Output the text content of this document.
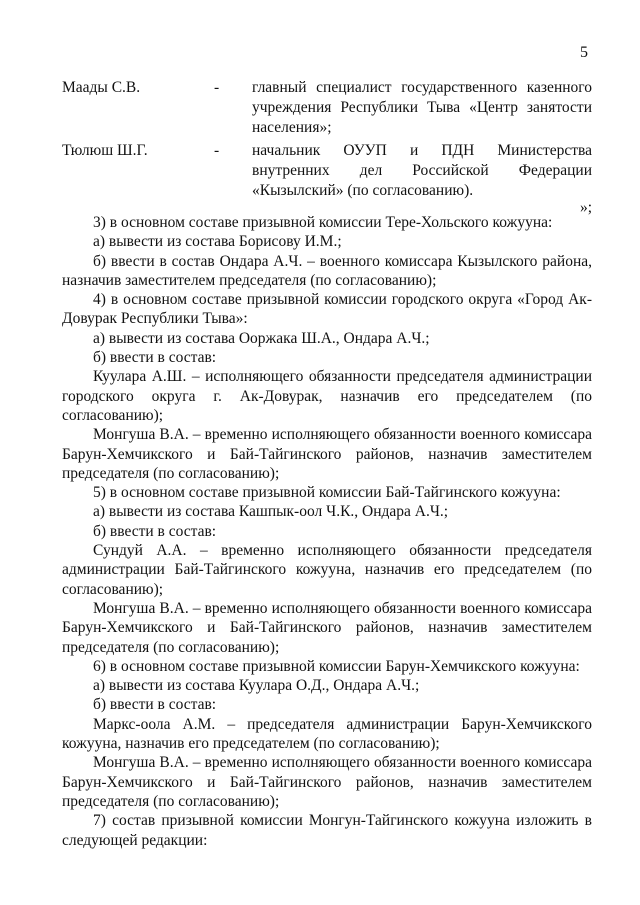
5
Маады С.В.	- главный специалист государственного казенного учреждения Республики Тыва «Центр занятости населения»;
Тюлюш Ш.Г.	- начальник ОУУП и ПДН Министерства внутренних дел Российской Федерации «Кызылский» (по согласованию).
»;

3) в основном составе призывной комиссии Тере-Хольского кожууна:

а) вывести из состава Борисову И.М.;

б) ввести в состав Ондара А.Ч. – военного комиссара Кызылского района, назначив заместителем председателя (по согласованию);

4) в основном составе призывной комиссии городского округа «Город Ак-Довурак Республики Тыва»:

а) вывести из состава Ооржака Ш.А., Ондара А.Ч.;

б) ввести в состав:

Куулара А.Ш. – исполняющего обязанности председателя администрации городского округа г. Ак-Довурак, назначив его председателем (по согласованию);

Монгуша В.А. – временно исполняющего обязанности военного комиссара Барун-Хемчикского и Бай-Тайгинского районов, назначив заместителем председателя (по согласованию);

5) в основном составе призывной комиссии Бай-Тайгинского кожууна:

а) вывести из состава Кашпык-оол Ч.К., Ондара А.Ч.;

б) ввести в состав:

Сундуй А.А. – временно исполняющего обязанности председателя администрации Бай-Тайгинского кожууна, назначив его председателем (по согласованию);

Монгуша В.А. – временно исполняющего обязанности военного комиссара Барун-Хемчикского и Бай-Тайгинского районов, назначив заместителем председателя (по согласованию);

6) в основном составе призывной комиссии Барун-Хемчикского кожууна:

а) вывести из состава Куулара О.Д., Ондара А.Ч.;

б) ввести в состав:

Маркс-оола А.М. – председателя администрации Барун-Хемчикского кожууна, назначив его председателем (по согласованию);

Монгуша В.А. – временно исполняющего обязанности военного комиссара Барун-Хемчикского и Бай-Тайгинского районов, назначив заместителем председателя (по согласованию);

7) состав призывной комиссии Монгун-Тайгинского кожууна изложить в следующей редакции:
